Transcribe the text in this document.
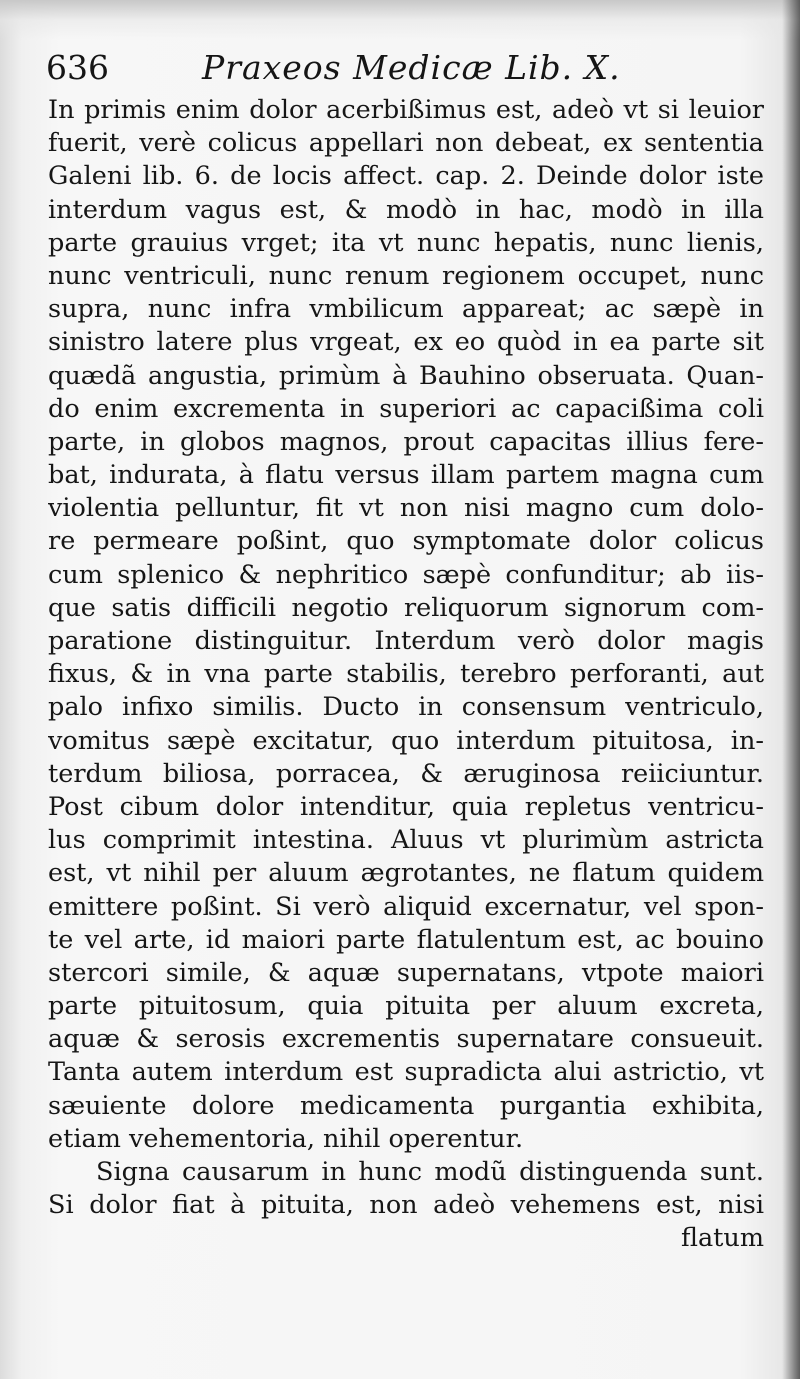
636	Praxeos Medicæ Lib. X.
In primis enim dolor acerbißimus est, adeò vt si leuior
fuerit, verè colicus appellari non debeat, ex sententia
Galeni lib. 6. de locis affect. cap. 2. Deinde dolor iste
interdum vagus est, & modò in hac, modò in illa
parte grauius vrget; ita vt nunc hepatis, nunc lienis,
nunc ventriculi, nunc renum regionem occupet, nunc
supra, nunc infra vmbilicum appareat; ac sæpè in
sinistro latere plus vrgeat, ex eo quòd in ea parte sit
quædã angustia, primùm à Bauhino obseruata. Quan-
do enim excrementa in superiori ac capacißima coli
parte, in globos magnos, prout capacitas illius fere-
bat, indurata, à flatu versus illam partem magna cum
violentia pelluntur, fit vt non nisi magno cum dolo-
re permeare poßint, quo symptomate dolor colicus
cum splenico & nephritico sæpè confunditur; ab iis-
que satis difficili negotio reliquorum signorum com-
paratione distinguitur. Interdum verò dolor magis
fixus, & in vna parte stabilis, terebro perforanti, aut
palo infixo similis. Ducto in consensum ventriculo,
vomitus sæpè excitatur, quo interdum pituitosa, in-
terdum biliosa, porracea, & æruginosa reiiciuntur.
Post cibum dolor intenditur, quia repletus ventricu-
lus comprimit intestina. Aluus vt plurimùm astricta
est, vt nihil per aluum ægrotantes, ne flatum quidem
emittere poßint. Si verò aliquid excernatur, vel spon-
te vel arte, id maiori parte flatulentum est, ac bouino
stercori simile, & aquæ supernatans, vtpote maiori
parte pituitosum, quia pituita per aluum excreta,
aquæ & serosis excrementis supernatare consueuit.
Tanta autem interdum est supradicta alui astrictio, vt
sæuiente dolore medicamenta purgantia exhibita,
etiam vehementoria, nihil operentur.
Signa causarum in hunc modũ distinguenda sunt.
Si dolor fiat à pituita, non adeò vehemens est, nisi
flatum
